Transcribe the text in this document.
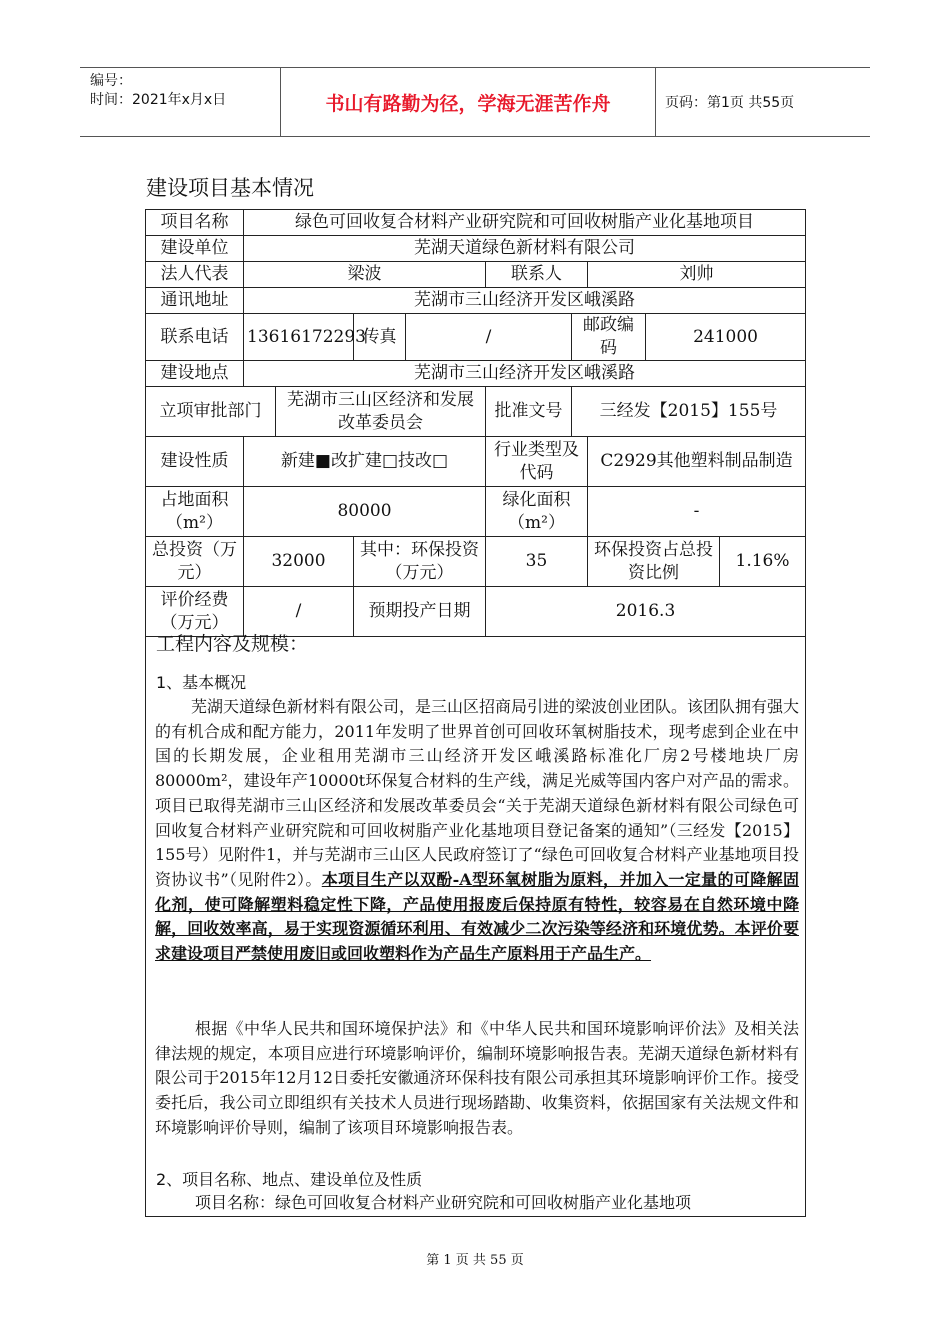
编号：
时间：2021年x月x日	书山有路勤为径，学海无涯苦作舟	页码：第1页 共55页
建设项目基本情况
项目名称	绿色可回收复合材料产业研究院和可回收树脂产业化基地项目								
建设单位	芜湖天道绿色新材料有限公司								
法人代表	梁波				联系人		刘帅		
通讯地址	芜湖市三山经济开发区峨溪路								
联系电话	13616172293		传真	/		邮政编码		241000	
建设地点	芜湖市三山经济开发区峨溪路								
立项审批部门		芜湖市三山区经济和发展改革委员会			批准文号	三经发【2015】155号			
建设性质	新建■改扩建□技改□				行业类型及代码		C2929其他塑料制品制造		
占地面积（m²）	80000				绿化面积（m²）		-		
总投资（万元）	32000		其中：环保投资（万元）		35		环保投资占总投资比例		1.16%
评价经费（万元）	/		预期投产日期		2016.3				
工程内容及规模：
1、基本概况
芜湖天道绿色新材料有限公司，是三山区招商局引进的梁波创业团队。该团队拥有强大的有机合成和配方能力，2011年发明了世界首创可回收环氧树脂技术，现考虑到企业在中国的长期发展，企业租用芜湖市三山经济开发区峨溪路标准化厂房2号楼地块厂房80000m²，建设年产10000t环保复合材料的生产线，满足光威等国内客户对产品的需求。项目已取得芜湖市三山区经济和发展改革委员会“关于芜湖天道绿色新材料有限公司绿色可回收复合材料产业研究院和可回收树脂产业化基地项目登记备案的通知”（三经发【2015】155号）见附件1，并与芜湖市三山区人民政府签订了“绿色可回收复合材料产业基地项目投资协议书”（见附件2）。本项目生产以双酚-A型环氧树脂为原料，并加入一定量的可降解固化剂，使可降解塑料稳定性下降，产品使用报废后保持原有特性，较容易在自然环境中降解，回收效率高，易于实现资源循环利用、有效减少二次污染等经济和环境优势。本评价要求建设项目严禁使用废旧或回收塑料作为产品生产原料用于产品生产。
根据《中华人民共和国环境保护法》和《中华人民共和国环境影响评价法》及相关法律法规的规定，本项目应进行环境影响评价，编制环境影响报告表。芜湖天道绿色新材料有限公司于2015年12月12日委托安徽通济环保科技有限公司承担其环境影响评价工作。接受委托后，我公司立即组织有关技术人员进行现场踏勘、收集资料，依据国家有关法规文件和环境影响评价导则，编制了该项目环境影响报告表。
2、项目名称、地点、建设单位及性质
项目名称：绿色可回收复合材料产业研究院和可回收树脂产业化基地项
第 1 页 共 55 页
